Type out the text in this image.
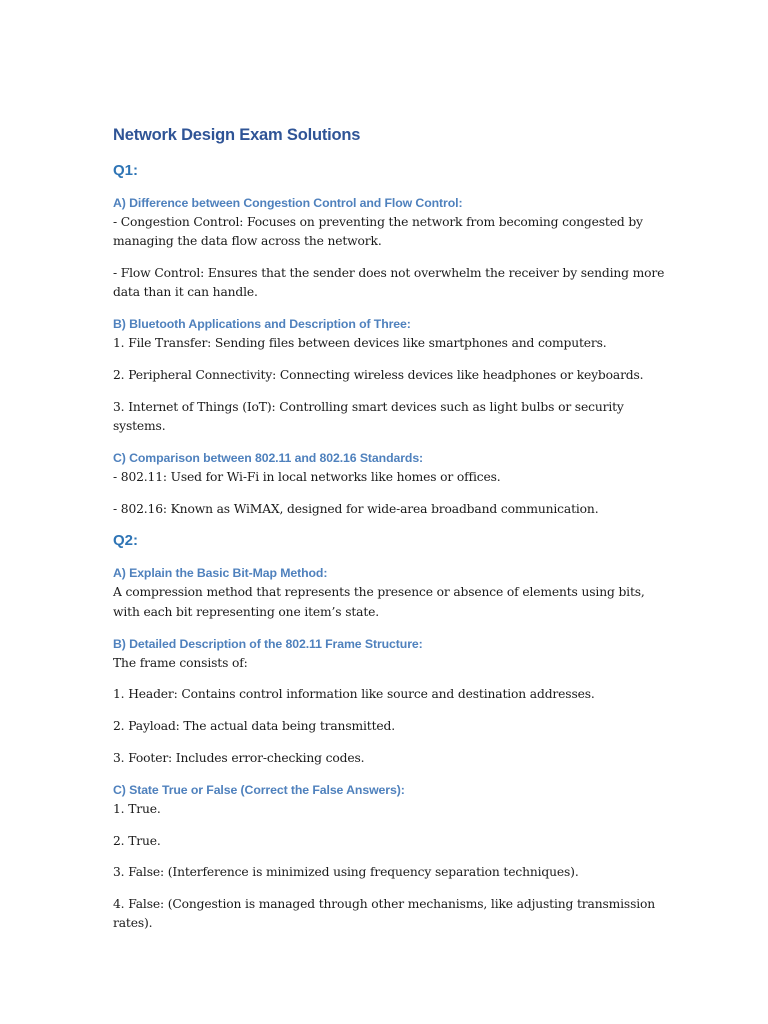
Network Design Exam Solutions
Q1:
A) Difference between Congestion Control and Flow Control:

- Congestion Control: Focuses on preventing the network from becoming congested by managing the data flow across the network.

- Flow Control: Ensures that the sender does not overwhelm the receiver by sending more data than it can handle.

B) Bluetooth Applications and Description of Three:

1. File Transfer: Sending files between devices like smartphones and computers.

2. Peripheral Connectivity: Connecting wireless devices like headphones or keyboards.

3. Internet of Things (IoT): Controlling smart devices such as light bulbs or security systems.

C) Comparison between 802.11 and 802.16 Standards:

- 802.11: Used for Wi-Fi in local networks like homes or offices.

- 802.16: Known as WiMAX, designed for wide-area broadband communication.

Q2:
A) Explain the Basic Bit-Map Method:

A compression method that represents the presence or absence of elements using bits, with each bit representing one item’s state.

B) Detailed Description of the 802.11 Frame Structure:

The frame consists of:

1. Header: Contains control information like source and destination addresses.

2. Payload: The actual data being transmitted.

3. Footer: Includes error-checking codes.

C) State True or False (Correct the False Answers):

1. True.

2. True.

3. False: (Interference is minimized using frequency separation techniques).

4. False: (Congestion is managed through other mechanisms, like adjusting transmission rates).
